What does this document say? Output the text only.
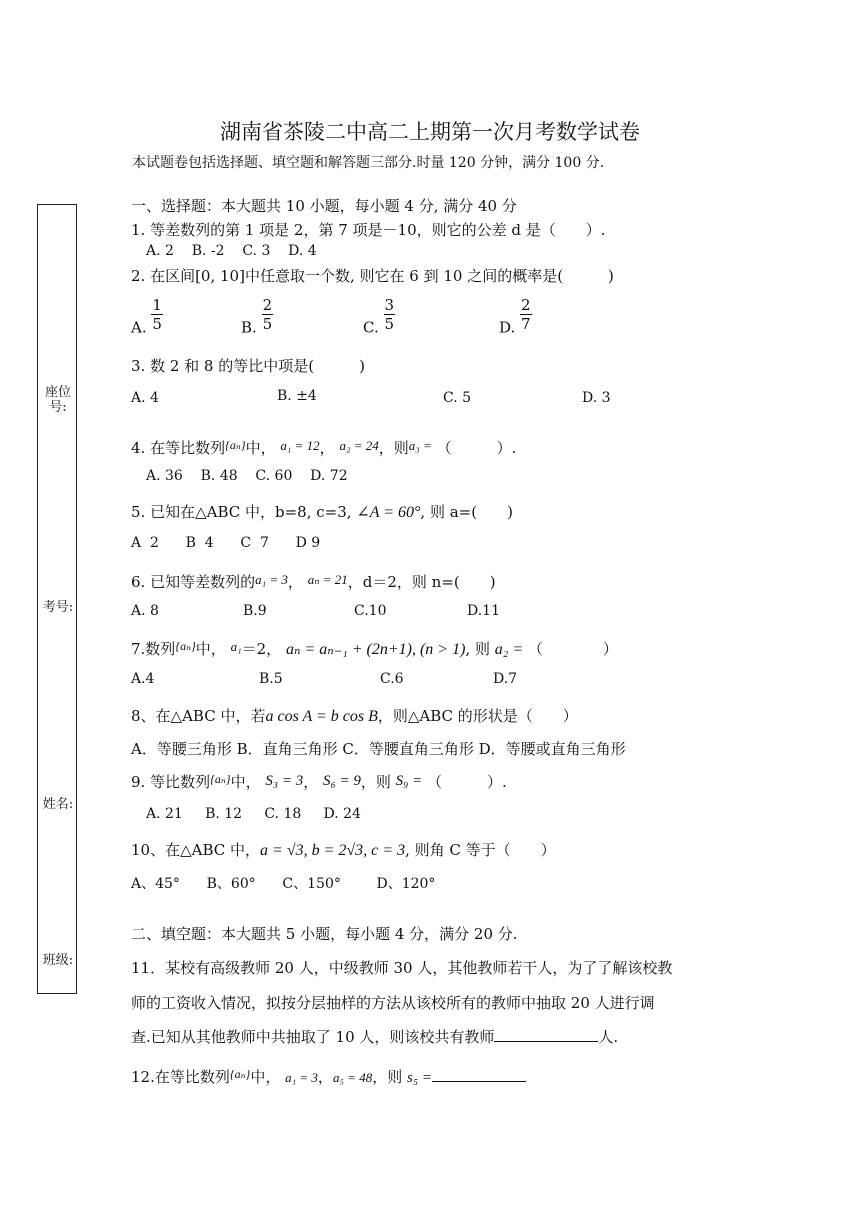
湖南省茶陵二中高二上期第一次月考数学试卷
本试题卷包括选择题、填空题和解答题三部分.时量 120 分钟，满分 100 分.
座位号:
考号:
姓名:
班级:
一、选择题：本大题共 10 小题，每小题 4 分, 满分 40 分
1. 等差数列的第 1 项是 2，第 7 项是－10，则它的公差 d 是（　　）.
A. 2    B. -2    C. 3    D. 4
2. 在区间[0, 10]中任意取一个数, 则它在 6 到 10 之间的概率是(　　　)
A. $\frac{1}{5}$	B. $\frac{2}{5}$	C. $\frac{3}{5}$	D. $\frac{2}{7}$
3. 数 2 和 8 的等比中项是(　　　)
A. 4	B. ±4	C. 5	D. 3
4. 在等比数列$^{\{a_n\}}$中， a₁ = 12， a₂ = 24，则a₃ = （　　　）.
A. 36    B. 48    C. 60    D. 72
5. 已知在△ABC 中，b=8, c=3, ∠A = 60°, 则 a=(　　)
A  2      B  4      C  7      D 9
6. 已知等差数列的a₁ = 3， aₙ = 21，d＝2，则 n=(　　)
A. 8	B.9	C.10	D.11
7.数列$^{\{a_n\}}$中， a₁＝2， aₙ = aₙ₋₁ + (2n+1), (n > 1), 则 a₂ = （　　　　）
A.4	B.5	C.6	D.7
8、在△ABC 中，若a cos A = b cos B，则△ABC 的形状是（　　）
A．等腰三角形 B．直角三角形 C．等腰直角三角形 D．等腰或直角三角形
9. 等比数列$^{\{a_n\}}$中， S₃ = 3， S₆ = 9，则 S₉ = （　　　）.
A. 21     B. 12     C. 18     D. 24
10、在△ABC 中，a = √3, b = 2√3, c = 3, 则角 C 等于（　　）
A、45°      B、60°      C、150°        D、120°
二、填空题：本大题共 5 小题，每小题 4 分，满分 20 分.
11．某校有高级教师 20 人，中级教师 30 人，其他教师若干人，为了了解该校教
师的工资收入情况，拟按分层抽样的方法从该校所有的教师中抽取 20 人进行调
查.已知从其他教师中共抽取了 10 人，则该校共有教师	人.
12.在等比数列$^{\{a_n\}}$中， a₁ = 3，a₅ = 48，则 s₅ =
